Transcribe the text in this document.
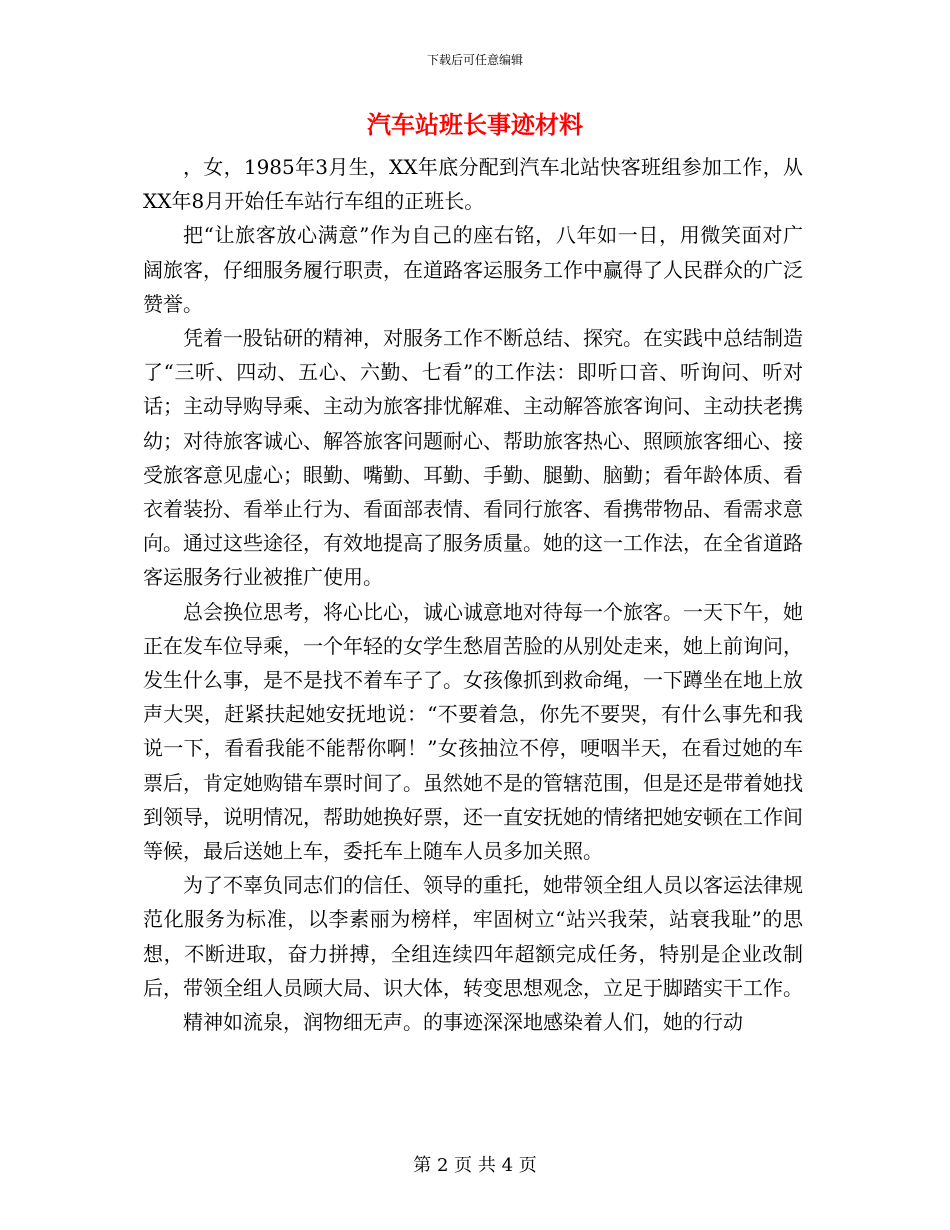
下载后可任意编辑
汽车站班长事迹材料

，女，1985年3月生，XX年底分配到汽车北站快客班组参加工作，从XX年8月开始任车站行车组的正班长。

把“让旅客放心满意”作为自己的座右铭，八年如一日，用微笑面对广阔旅客，仔细服务履行职责，在道路客运服务工作中赢得了人民群众的广泛赞誉。

凭着一股钻研的精神，对服务工作不断总结、探究。在实践中总结制造了“三听、四动、五心、六勤、七看”的工作法：即听口音、听询问、听对话；主动导购导乘、主动为旅客排忧解难、主动解答旅客询问、主动扶老携幼；对待旅客诚心、解答旅客问题耐心、帮助旅客热心、照顾旅客细心、接受旅客意见虚心；眼勤、嘴勤、耳勤、手勤、腿勤、脑勤；看年龄体质、看衣着装扮、看举止行为、看面部表情、看同行旅客、看携带物品、看需求意向。通过这些途径，有效地提高了服务质量。她的这一工作法，在全省道路客运服务行业被推广使用。

总会换位思考，将心比心，诚心诚意地对待每一个旅客。一天下午，她正在发车位导乘，一个年轻的女学生愁眉苦脸的从别处走来，她上前询问，发生什么事，是不是找不着车子了。女孩像抓到救命绳，一下蹲坐在地上放声大哭，赶紧扶起她安抚地说：“不要着急，你先不要哭，有什么事先和我说一下，看看我能不能帮你啊！”女孩抽泣不停，哽咽半天，在看过她的车票后，肯定她购错车票时间了。虽然她不是的管辖范围，但是还是带着她找到领导，说明情况，帮助她换好票，还一直安抚她的情绪把她安顿在工作间等候，最后送她上车，委托车上随车人员多加关照。

为了不辜负同志们的信任、领导的重托，她带领全组人员以客运法律规范化服务为标准，以李素丽为榜样，牢固树立“站兴我荣，站衰我耻”的思想，不断进取，奋力拼搏，全组连续四年超额完成任务，特别是企业改制后，带领全组人员顾大局、识大体，转变思想观念，立足于脚踏实干工作。

精神如流泉，润物细无声。的事迹深深地感染着人们，她的行动

第 2 页 共 4 页
